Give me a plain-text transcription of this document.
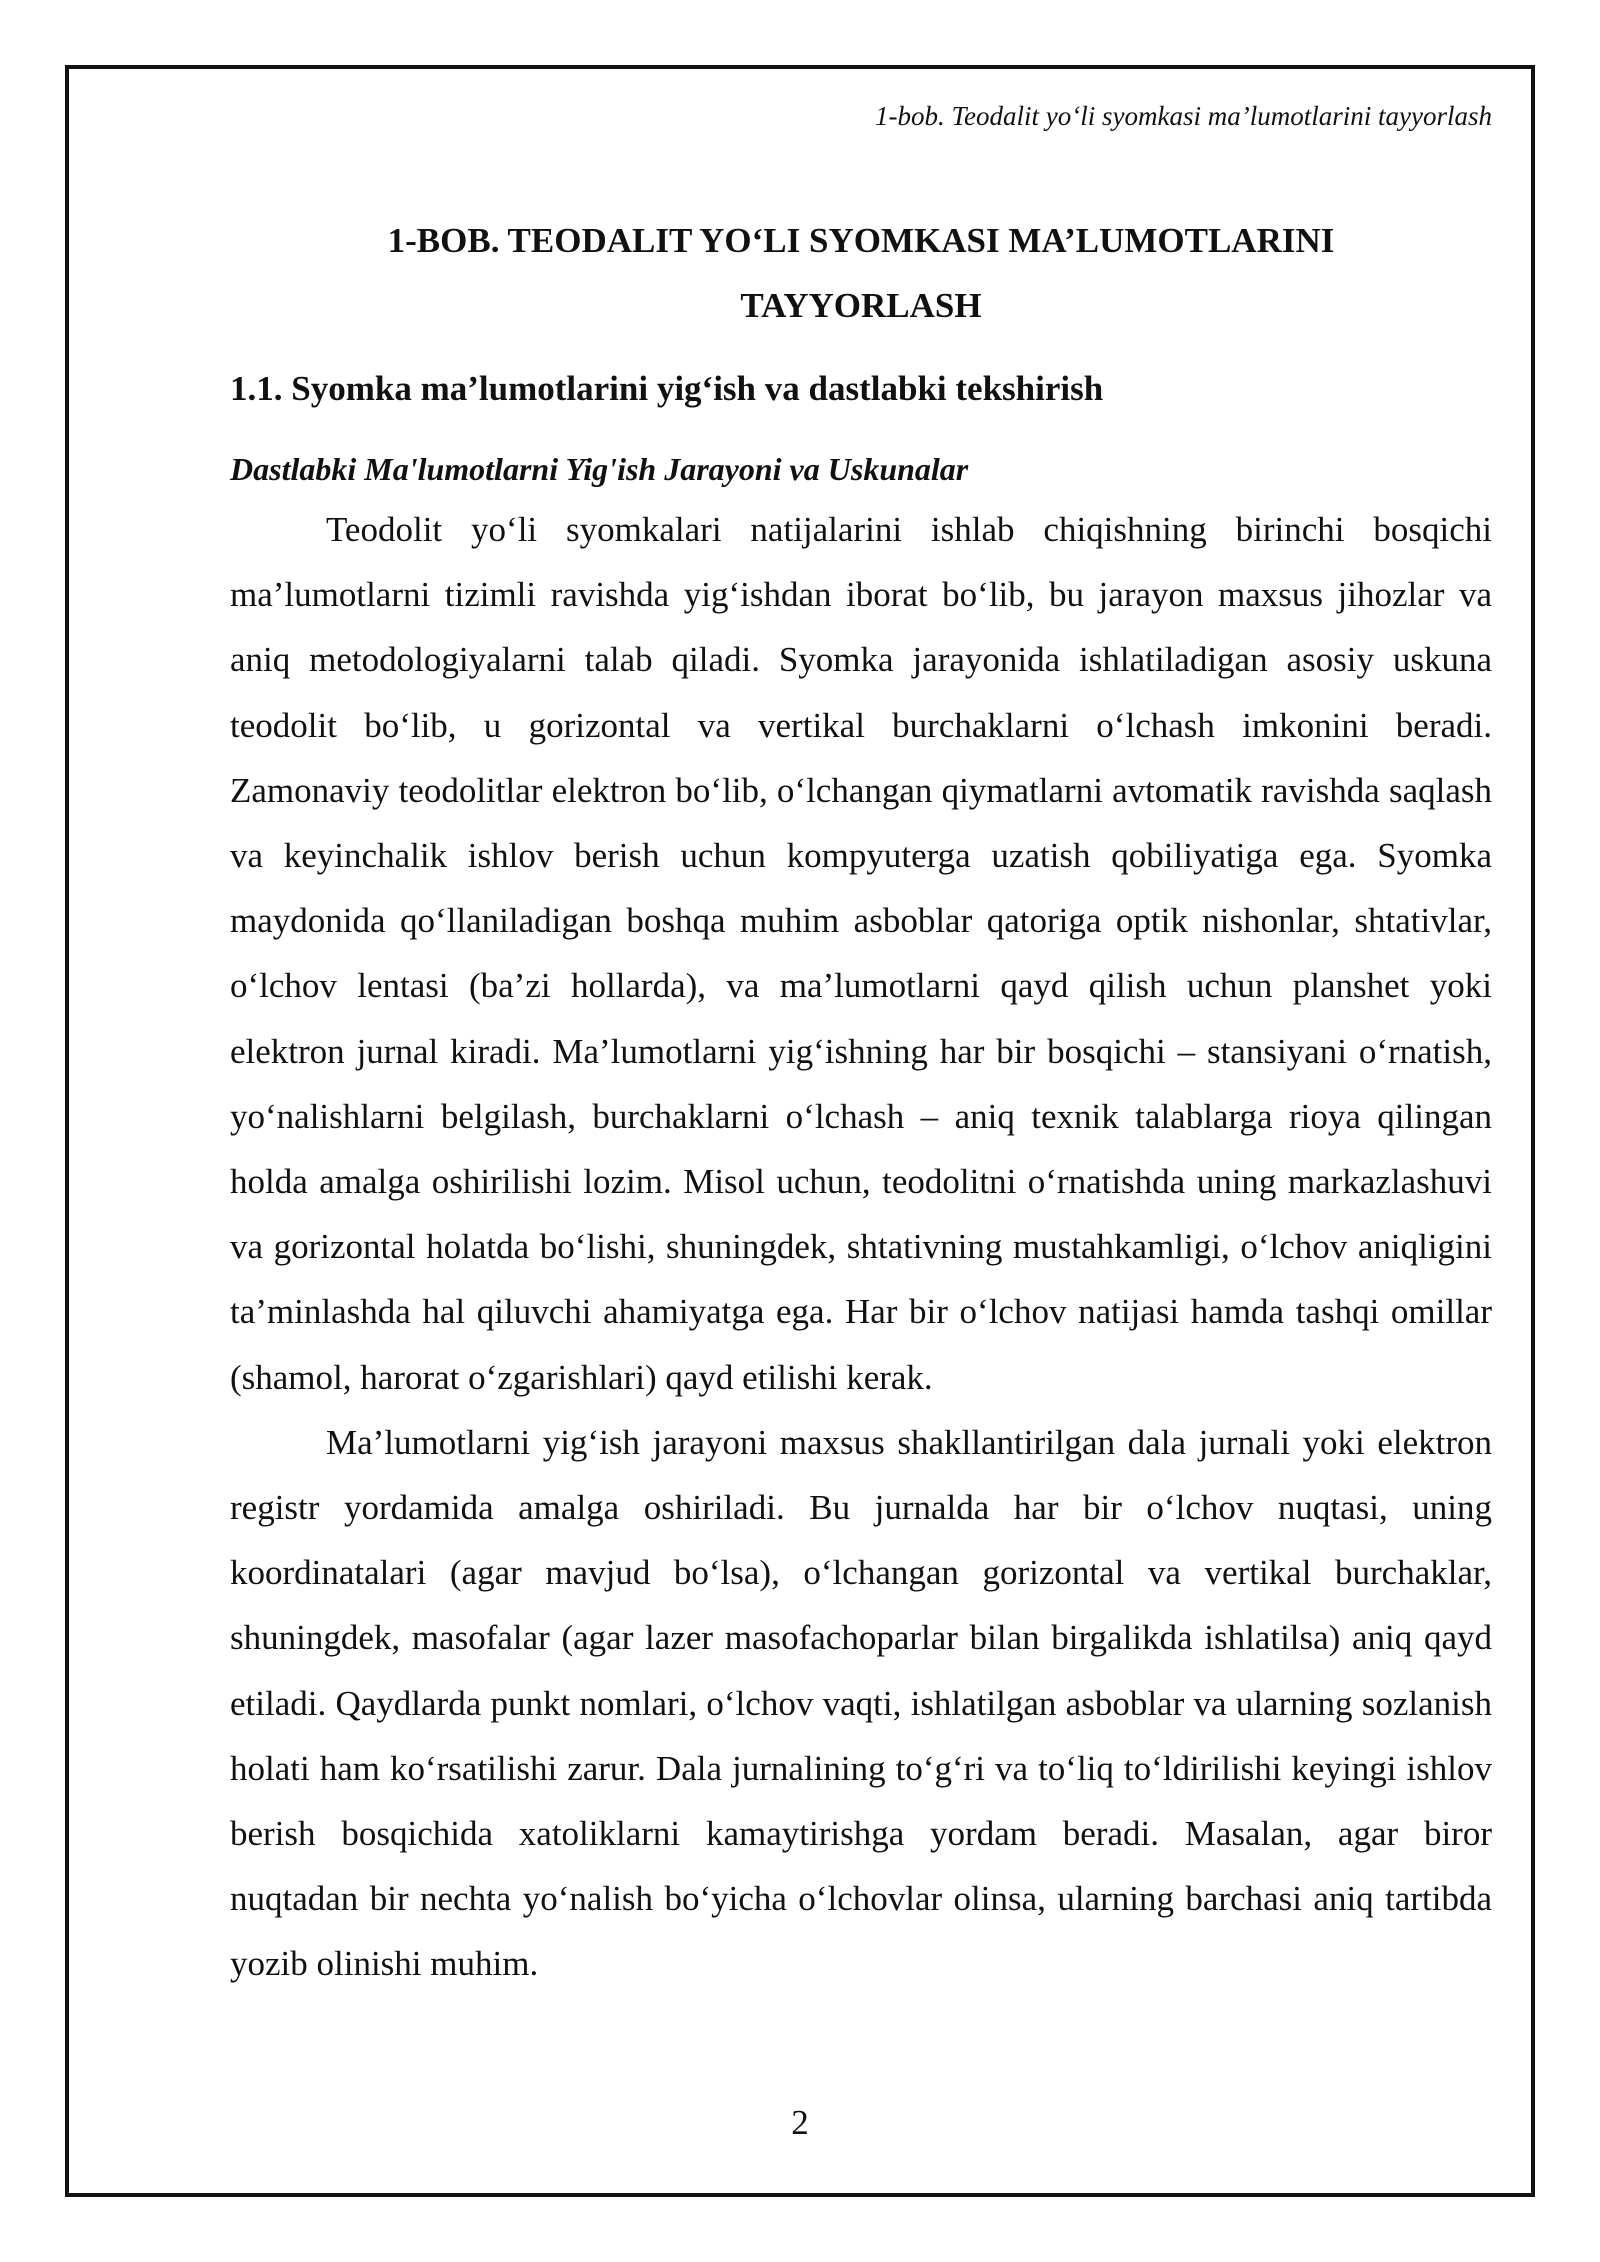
1-bob. Teodalit yo‘li syomkasi ma’lumotlarini tayyorlash
1-BOB. TEODALIT YO‘LI SYOMKASI MA’LUMOTLARINI
TAYYORLASH
1.1. Syomka ma’lumotlarini yig‘ish va dastlabki tekshirish
Dastlabki Ma'lumotlarni Yig'ish Jarayoni va Uskunalar

Teodolit yo‘li syomkalari natijalarini ishlab chiqishning birinchi bosqichi ma’lumotlarni tizimli ravishda yig‘ishdan iborat bo‘lib, bu jarayon maxsus jihozlar va aniq metodologiyalarni talab qiladi. Syomka jarayonida ishlatiladigan asosiy uskuna teodolit bo‘lib, u gorizontal va vertikal burchaklarni o‘lchash imkonini beradi. Zamonaviy teodolitlar elektron bo‘lib, o‘lchangan qiymatlarni avtomatik ravishda saqlash va keyinchalik ishlov berish uchun kompyuterga uzatish qobiliyatiga ega. Syomka maydonida qo‘llaniladigan boshqa muhim asboblar qatoriga optik nishonlar, shtativlar, o‘lchov lentasi (ba’zi hollarda), va ma’lumotlarni qayd qilish uchun planshet yoki elektron jurnal kiradi. Ma’lumotlarni yig‘ishning har bir bosqichi – stansiyani o‘rnatish, yo‘nalishlarni belgilash, burchaklarni o‘lchash – aniq texnik talablarga rioya qilingan holda amalga oshirilishi lozim. Misol uchun, teodolitni o‘rnatishda uning markazlashuvi va gorizontal holatda bo‘lishi, shuningdek, shtativning mustahkamligi, o‘lchov aniqligini ta’minlashda hal qiluvchi ahamiyatga ega. Har bir o‘lchov natijasi hamda tashqi omillar (shamol, harorat o‘zgarishlari) qayd etilishi kerak.

Ma’lumotlarni yig‘ish jarayoni maxsus shakllantirilgan dala jurnali yoki elektron registr yordamida amalga oshiriladi. Bu jurnalda har bir o‘lchov nuqtasi, uning koordinatalari (agar mavjud bo‘lsa), o‘lchangan gorizontal va vertikal burchaklar, shuningdek, masofalar (agar lazer masofachoparlar bilan birgalikda ishlatilsa) aniq qayd etiladi. Qaydlarda punkt nomlari, o‘lchov vaqti, ishlatilgan asboblar va ularning sozlanish holati ham ko‘rsatilishi zarur. Dala jurnalining to‘g‘ri va to‘liq to‘ldirilishi keyingi ishlov berish bosqichida xatoliklarni kamaytirishga yordam beradi. Masalan, agar biror nuqtadan bir nechta yo‘nalish bo‘yicha o‘lchovlar olinsa, ularning barchasi aniq tartibda yozib olinishi muhim.

2
